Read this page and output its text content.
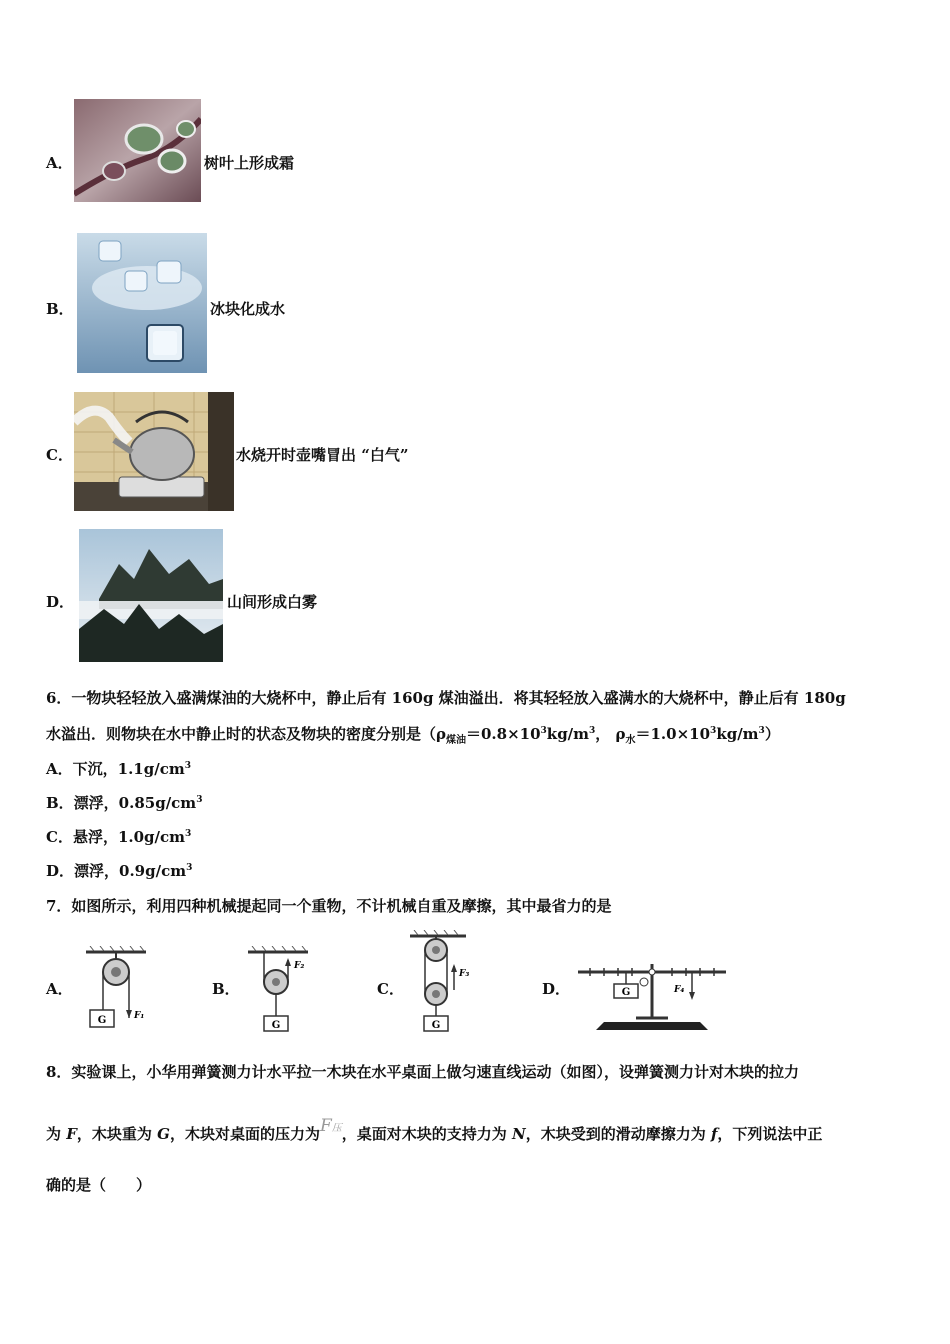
A．	树叶上形成霜
B．	冰块化成水
C．	水烧开时壶嘴冒出 “白气”
D．	山间形成白雾
6．一物块轻轻放入盛满煤油的大烧杯中，静止后有 160g 煤油溢出．将其轻轻放入盛满水的大烧杯中，静止后有 180g
水溢出．则物块在水中静止时的状态及物块的密度分别是（$\rho_{煤油}=0.8\times 10^3kg/m^3$， $\rho_水=1.0\times 10^3kg/m^3$）
A．下沉，$1.1g/cm^3$
B．漂浮，$0.85g/cm^3$
C．悬浮，$1.0g/cm^3$
D．漂浮，$0.9g/cm^3$
7．如图所示，利用四种机械提起同一个重物，不计机械自重及摩擦，其中最省力的是
A．
G	F₁
B．
F₂
G
C．
F₃
G
D．	G	F₄
8．实验课上，小华用弹簧测力计水平拉一木块在水平桌面上做匀速直线运动（如图），设弹簧测力计对木块的拉力
为 F，木块重为 G，木块对桌面的压力为F压，桌面对木块的支持力为 N，木块受到的滑动摩擦力为 f，下列说法中正
确的是（　　）
